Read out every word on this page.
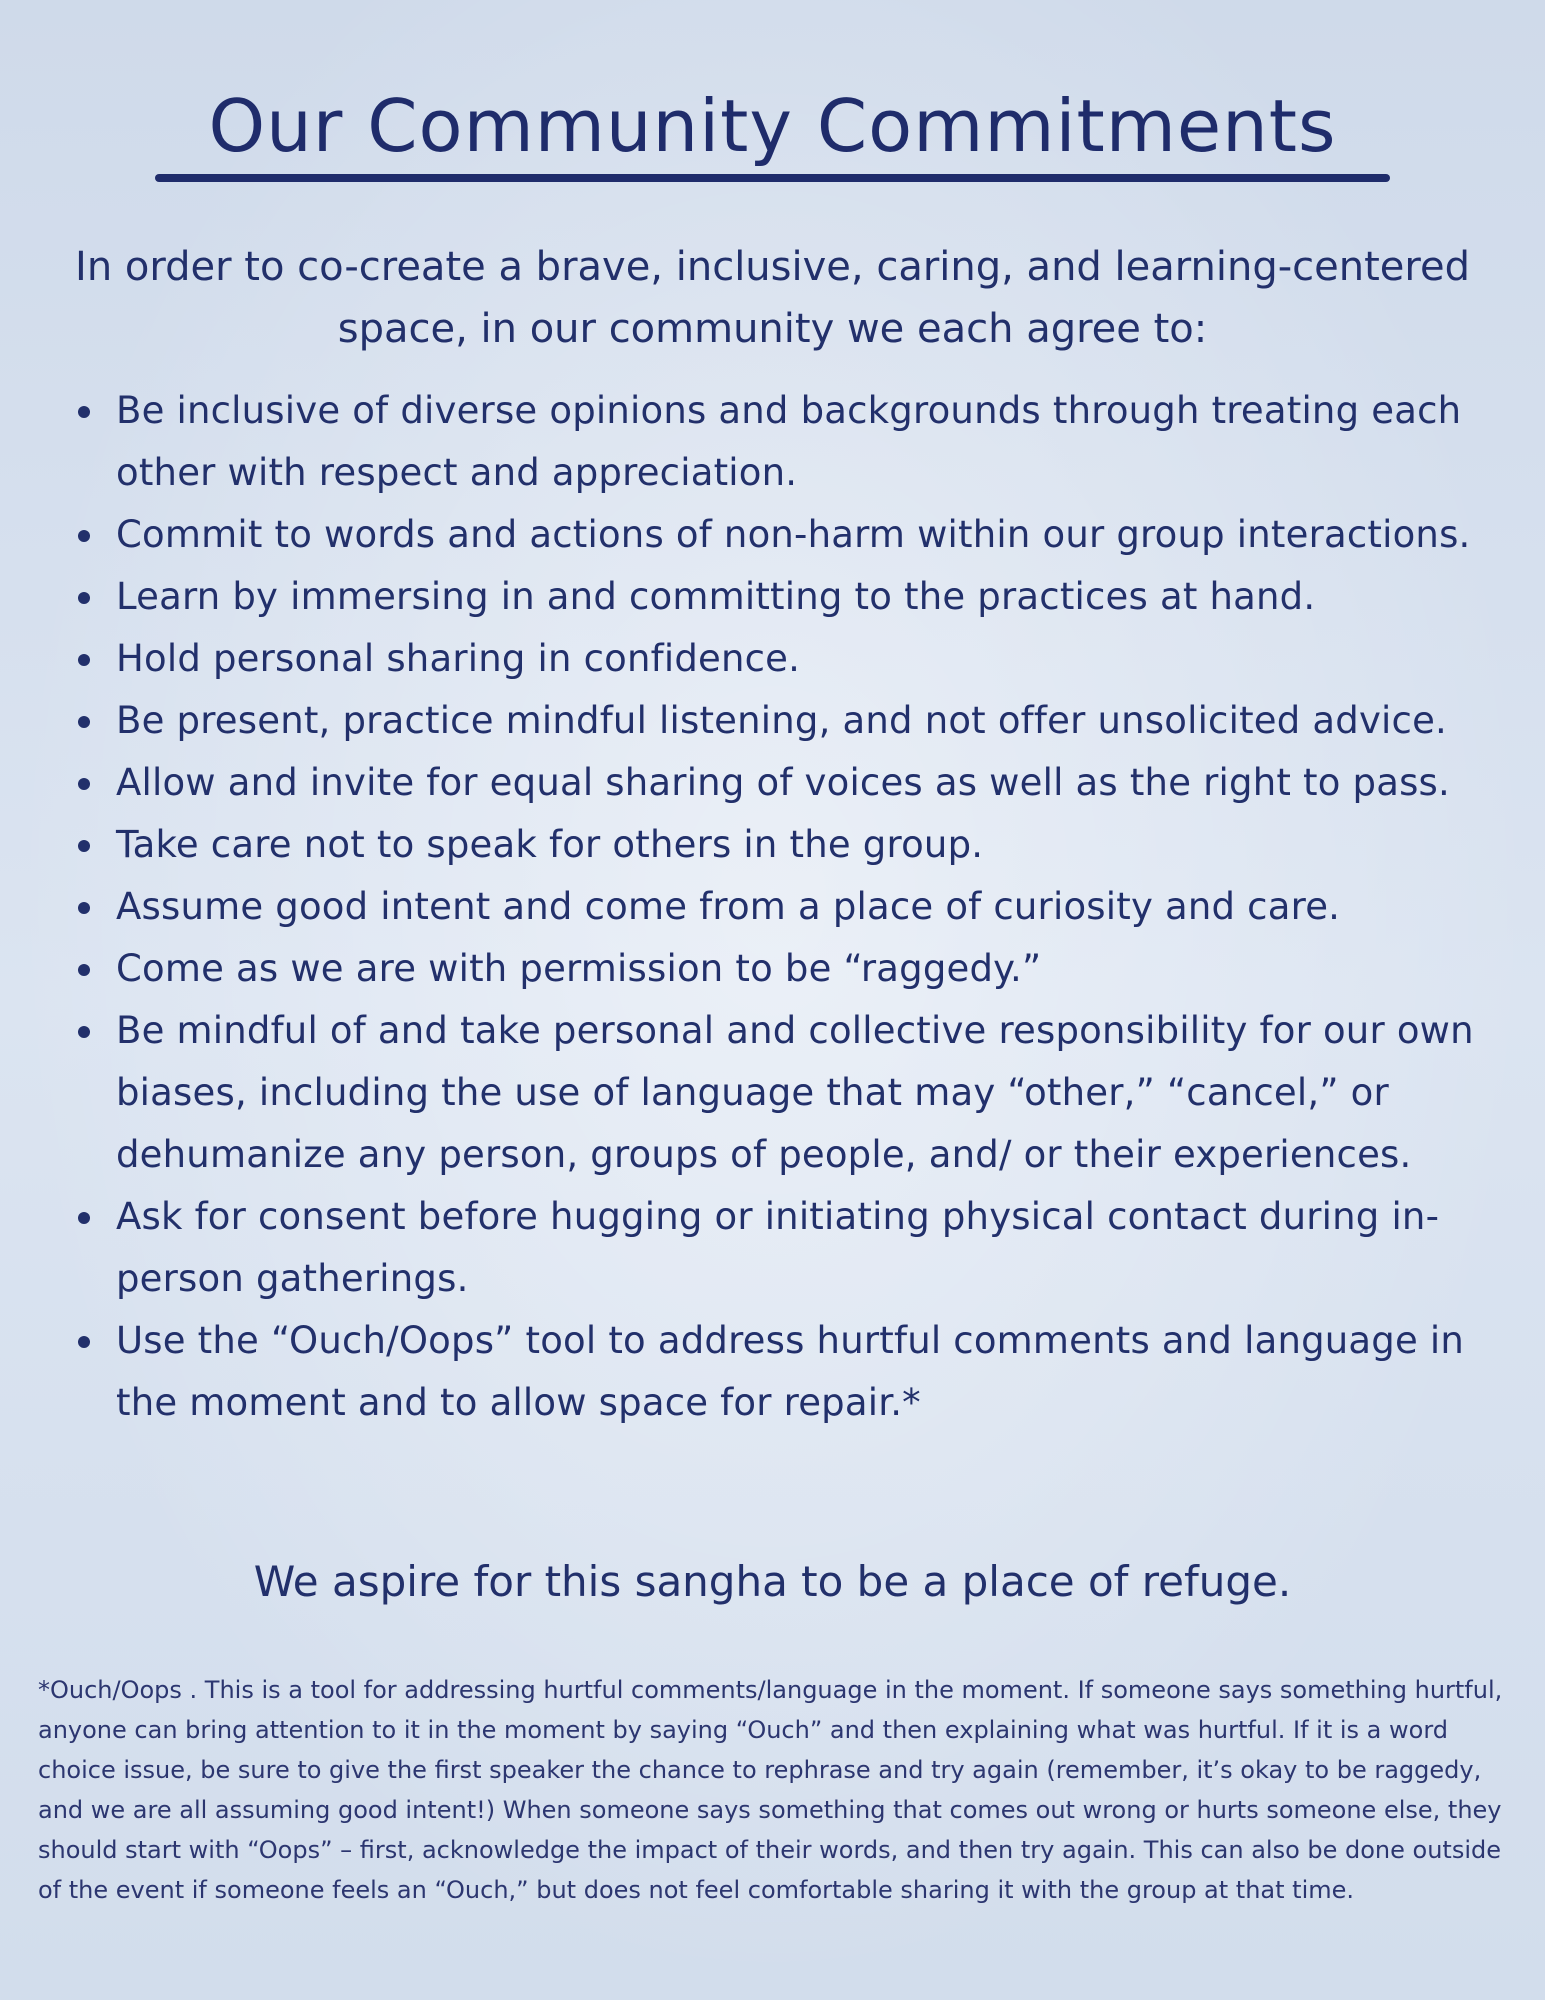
Our Community Commitments

In order to co-create a brave, inclusive, caring, and learning-centered space, in our community we each agree to:

Be inclusive of diverse opinions and backgrounds through treating each other with respect and appreciation.
Commit to words and actions of non-harm within our group interactions.
Learn by immersing in and committing to the practices at hand.
Hold personal sharing in confidence.
Be present, practice mindful listening, and not offer unsolicited advice.
Allow and invite for equal sharing of voices as well as the right to pass.
Take care not to speak for others in the group.
Assume good intent and come from a place of curiosity and care.
Come as we are with permission to be “raggedy.”
Be mindful of and take personal and collective responsibility for our own biases, including the use of language that may “other,” “cancel,” or dehumanize any person, groups of people, and/ or their experiences.
Ask for consent before hugging or initiating physical contact during in-person gatherings.
Use the “Ouch/Oops” tool to address hurtful comments and language in the moment and to allow space for repair.*

We aspire for this sangha to be a place of refuge.

*Ouch/Oops . This is a tool for addressing hurtful comments/language in the moment. If someone says something hurtful, anyone can bring attention to it in the moment by saying “Ouch” and then explaining what was hurtful. If it is a word choice issue, be sure to give the first speaker the chance to rephrase and try again (remember, it’s okay to be raggedy, and we are all assuming good intent!) When someone says something that comes out wrong or hurts someone else, they should start with “Oops” – first, acknowledge the impact of their words, and then try again. This can also be done outside of the event if someone feels an “Ouch,” but does not feel comfortable sharing it with the group at that time.
